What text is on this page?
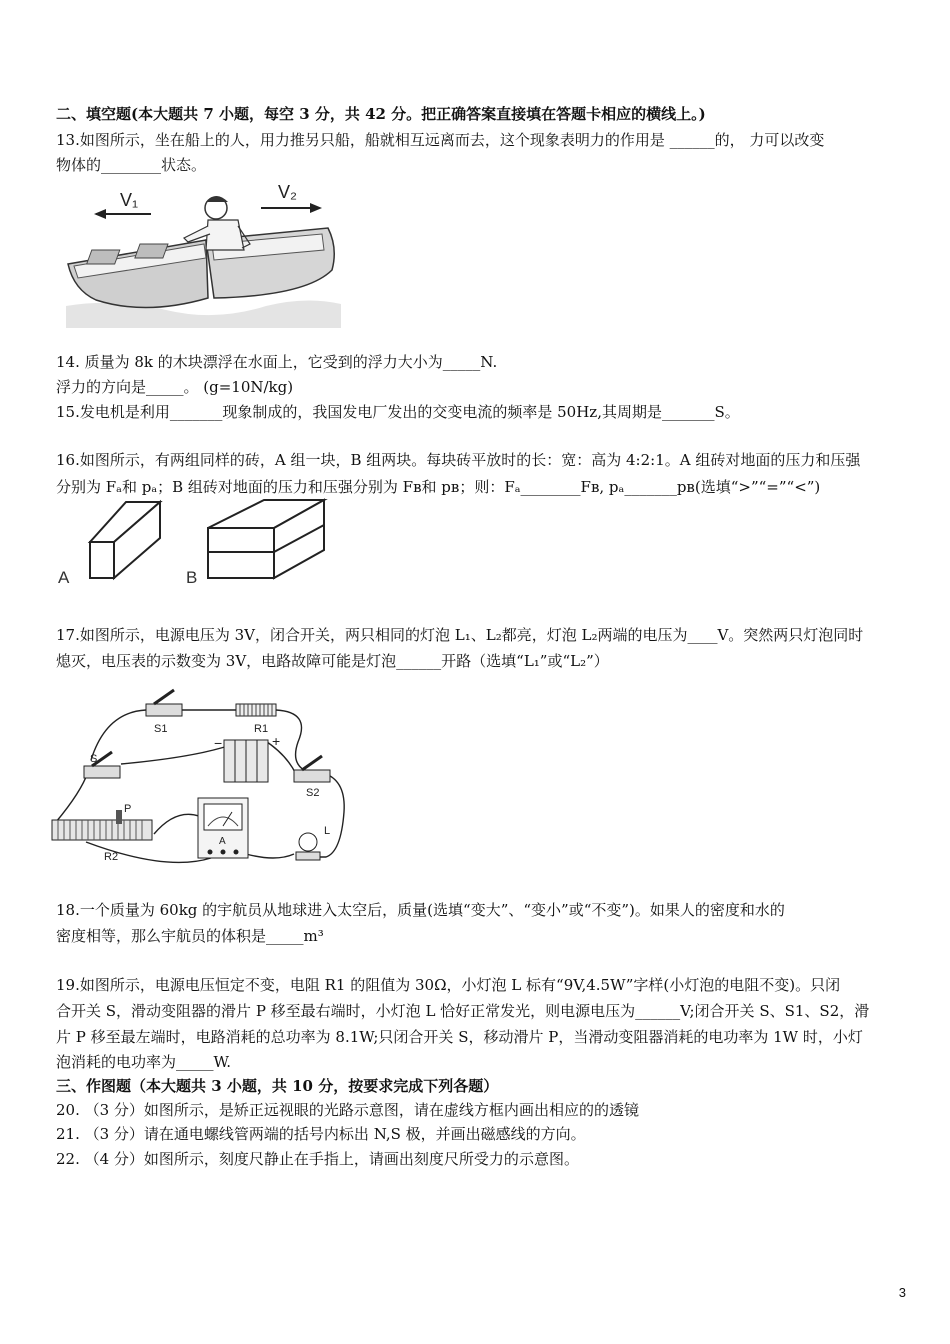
二、填空题(本大题共 7 小题，每空 3 分，共 42 分。把正确答案直接填在答题卡相应的横线上。)
13.如图所示，坐在船上的人，用力推另只船，船就相互远离而去，这个现象表明力的作用是 ______的， 力可以改变
物体的________状态。
V₁	V₂
14. 质量为 8k 的木块漂浮在水面上，它受到的浮力大小为_____N.
浮力的方向是_____。 (g=10N/kg)
15.发电机是利用_______现象制成的，我国发电厂发出的交变电流的频率是 50Hz,其周期是_______S。
16.如图所示，有两组同样的砖，A 组一块，B 组两块。每块砖平放时的长：宽：高为 4:2:1。A 组砖对地面的压力和压强
分别为 Fₐ和 pₐ；B 组砖对地面的压力和压强分别为 Fʙ和 pʙ；则：Fₐ________Fʙ, pₐ_______pʙ(选填“>”“=”“<”)
A	B
17.如图所示，电源电压为 3V，闭合开关，两只相同的灯泡 L₁、L₂都亮，灯泡 L₂两端的电压为____V。突然两只灯泡同时
熄灭，电压表的示数变为 3V，电路故障可能是灯泡______开路（选填“L₁”或“L₂”）
S1	R1
−	+
S
S2
P
R2
A
L
18.一个质量为 60kg 的宇航员从地球进入太空后，质量(选填“变大”、“变小”或“不变”)。如果人的密度和水的
密度相等，那么宇航员的体积是_____m³
19.如图所示，电源电压恒定不变，电阻 R1 的阻值为 30Ω，小灯泡 L 标有“9V,4.5W”字样(小灯泡的电阻不变)。只闭
合开关 S，滑动变阻器的滑片 P 移至最右端时，小灯泡 L 恰好正常发光，则电源电压为______V;闭合开关 S、S1、S2，滑
片 P 移至最左端时，电路消耗的总功率为 8.1W;只闭合开关 S，移动滑片 P，当滑动变阻器消耗的电功率为 1W 时，小灯
泡消耗的电功率为_____W.
三、作图题（本大题共 3 小题，共 10 分，按要求完成下列各题）
20. （3 分）如图所示，是矫正远视眼的光路示意图，请在虚线方框内画出相应的的透镜
21. （3 分）请在通电螺线管两端的括号内标出 N,S 极，并画出磁感线的方向。
22. （4 分）如图所示，刻度尺静止在手指上，请画出刻度尺所受力的示意图。
3
